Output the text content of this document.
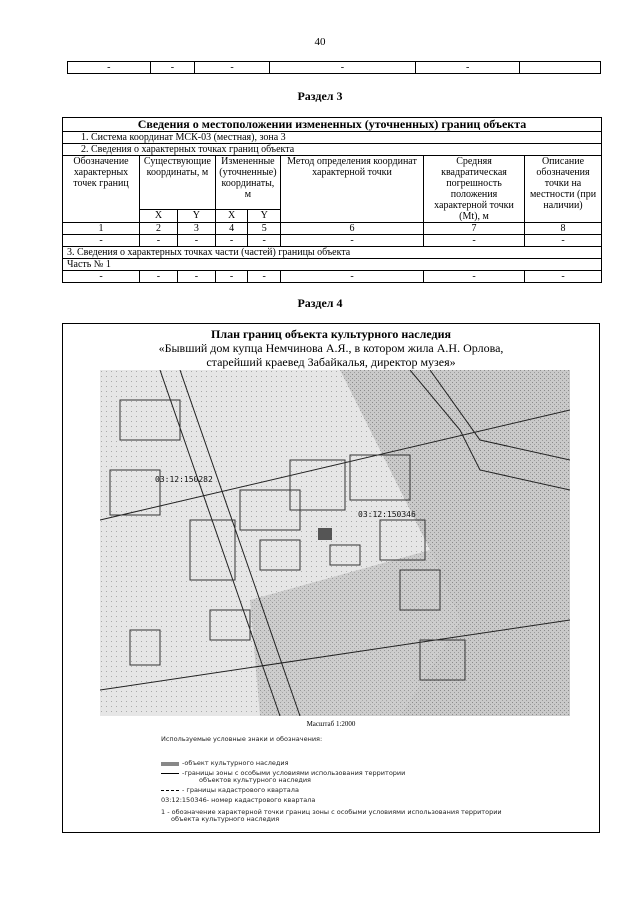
40
-	-	-	-	-	
Раздел 3
Сведения о местоположении измененных (уточненных) границ объекта							
1. Система координат МСК-03 (местная), зона 3							
2. Сведения о характерных точках границ объекта							
Обозначение характерных точек границ	Существующие координаты, м		Измененные (уточненные) координаты, м		Метод определения координат характерной точки	Средняя квадратическая погрешность положения характерной точки (Mt), м	Описание обозначения точки на местности (при наличии)
	X	Y	X	Y			
1	2	3	4	5	6	7	8
-	-	-	-	-	-	-	-
3. Сведения о характерных точках части (частей) границы объекта							
Часть № 1							
-	-	-	-	-	-	-	-
Раздел 4
План границ объекта культурного наследия
«Бывший дом купца Немчинова А.Я., в котором жила А.Н. Орлова,
старейший краевед Забайкалья, директор музея»
03:12:150282
03:12:150346
Масштаб 1:2000
Используемые условные знаки и обозначения:
-объект культурного наследия
-границы зоны с особыми условиями использования территории
объектов культурного наследия
- границы кадастрового квартала
03:12:150346- номер кадастрового квартала
1 - обозначение характерной точки границ зоны с особыми условиями использования территории
объекта культурного наследия
